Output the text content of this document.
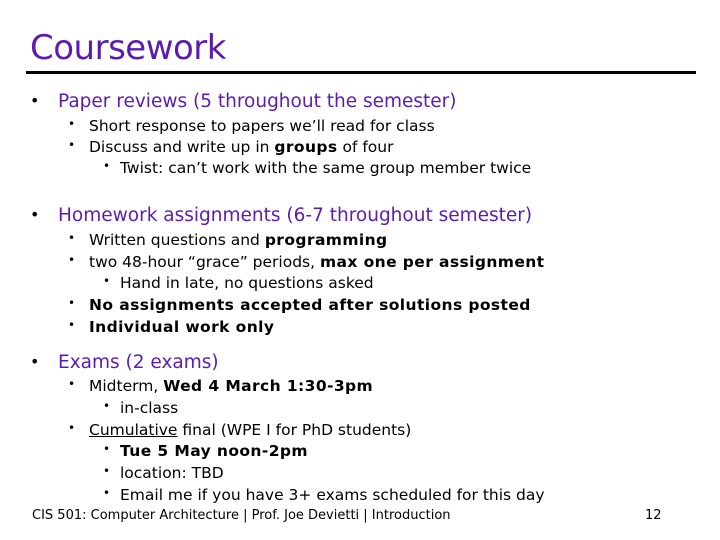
Coursework
• Paper reviews (5 throughout the semester)
• Short response to papers we’ll read for class
• Discuss and write up in groups of four
• Twist: can’t work with the same group member twice
• Homework assignments (6-7 throughout semester)
• Written questions and programming
• two 48-hour “grace” periods, max one per assignment
• Hand in late, no questions asked
• No assignments accepted after solutions posted
• Individual work only
• Exams (2 exams)
• Midterm, Wed 4 March 1:30-3pm
• in-class
• Cumulative final (WPE I for PhD students)
• Tue 5 May noon-2pm
• location: TBD
• Email me if you have 3+ exams scheduled for this day
CIS 501: Computer Architecture | Prof. Joe Devietti | Introduction	12
